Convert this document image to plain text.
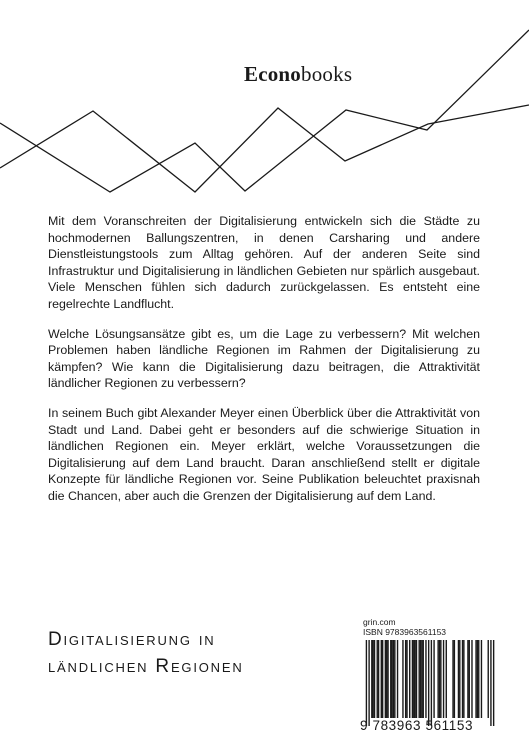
Econobooks

Mit dem Voranschreiten der Digitalisierung entwickeln sich die Städte zu hochmodernen Ballungszentren, in denen Carsharing und andere Dienstleistungstools zum Alltag gehören. Auf der anderen Seite sind Infrastruktur und Digitalisierung in ländlichen Gebieten nur spärlich ausgebaut. Viele Menschen fühlen sich dadurch zurückgelassen. Es entsteht eine regelrechte Landflucht.

Welche Lösungsansätze gibt es, um die Lage zu verbessern? Mit welchen Problemen haben ländliche Regionen im Rahmen der Digitalisierung zu kämpfen? Wie kann die Digitalisierung dazu beitragen, die Attraktivität ländlicher Regionen zu verbessern?

In seinem Buch gibt Alexander Meyer einen Überblick über die Attraktivität von Stadt und Land. Dabei geht er besonders auf die schwierige Situation in ländlichen Regionen ein. Meyer erklärt, welche Voraussetzungen die Digitalisierung auf dem Land braucht. Daran anschließend stellt er digitale Konzepte für ländliche Regionen vor. Seine Publikation beleuchtet praxisnah die Chancen, aber auch die Grenzen der Digitalisierung auf dem Land.

Digitalisierung in
ländlichen Regionen
grin.com
ISBN 9783963561153
9 783963 561153
